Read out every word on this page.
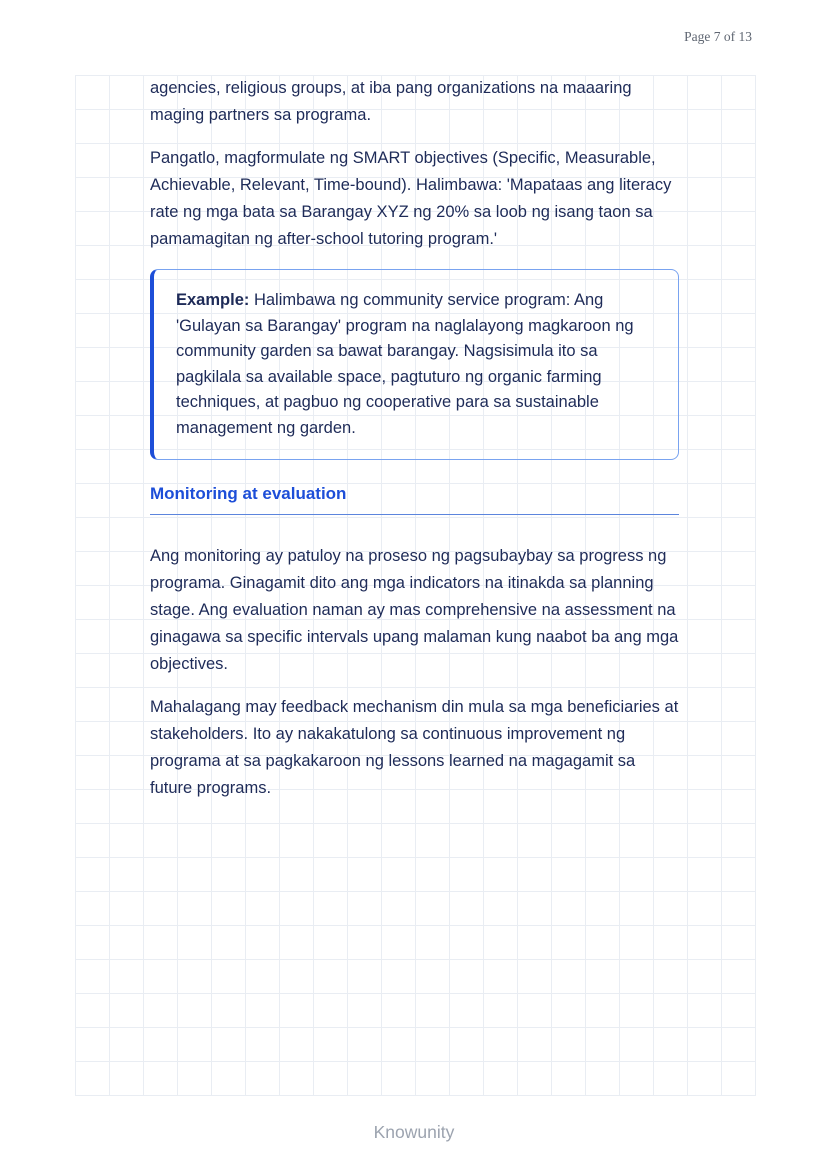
Page 7 of 13

agencies, religious groups, at iba pang organizations na maaaring maging partners sa programa.

Pangatlo, magformulate ng SMART objectives (Specific, Measurable, Achievable, Relevant, Time-bound). Halimbawa: 'Mapataas ang literacy rate ng mga bata sa Barangay XYZ ng 20% sa loob ng isang taon sa pamamagitan ng after-school tutoring program.'

Example: Halimbawa ng community service program: Ang 'Gulayan sa Barangay' program na naglalayong magkaroon ng community garden sa bawat barangay. Nagsisimula ito sa pagkilala sa available space, pagtuturo ng organic farming techniques, at pagbuo ng cooperative para sa sustainable management ng garden.
Monitoring at evaluation

Ang monitoring ay patuloy na proseso ng pagsubaybay sa progress ng programa. Ginagamit dito ang mga indicators na itinakda sa planning stage. Ang evaluation naman ay mas comprehensive na assessment na ginagawa sa specific intervals upang malaman kung naabot ba ang mga objectives.

Mahalagang may feedback mechanism din mula sa mga beneficiaries at stakeholders. Ito ay nakakatulong sa continuous improvement ng programa at sa pagkakaroon ng lessons learned na magagamit sa future programs.

Knowunity
